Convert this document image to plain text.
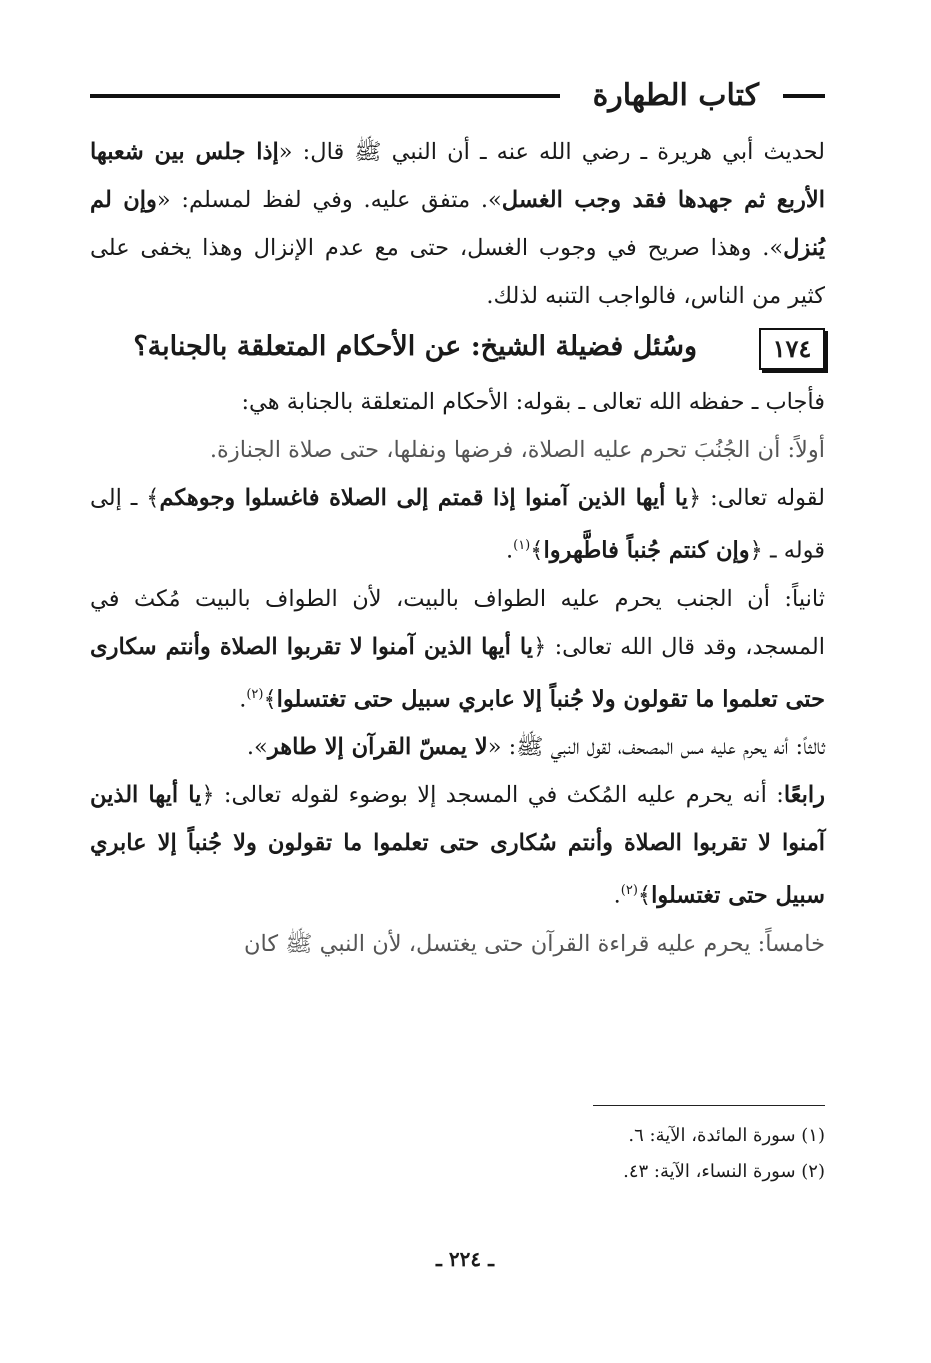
كتاب الطهارة

لحديث أبي هريرة ـ رضي الله عنه ـ أن النبي ﷺ قال: «إذا جلس بين شعبها الأربع ثم جهدها فقد وجب الغسل». متفق عليه. وفي لفظ لمسلم: «وإن لم يُنزل». وهذا صريح في وجوب الغسل، حتى مع عدم الإنزال وهذا يخفى على كثير من الناس، فالواجب التنبه لذلك.

١٧٤
وسُئل فضيلة الشيخ: عن الأحكام المتعلقة بالجنابة؟

فأجاب ـ حفظه الله تعالى ـ بقوله: الأحكام المتعلقة بالجنابة هي:

أولاً: أن الجُنُبَ تحرم عليه الصلاة، فرضها ونفلها، حتى صلاة الجنازة.
لقوله تعالى: ﴿يا أيها الذين آمنوا إذا قمتم إلى الصلاة فاغسلوا وجوهكم﴾ ـ إلى قوله ـ ﴿وإن كنتم جُنباً فاطَّهروا﴾$^{(١)}$.

ثانياً: أن الجنب يحرم عليه الطواف بالبيت، لأن الطواف بالبيت مُكث في المسجد، وقد قال الله تعالى: ﴿يا أيها الذين آمنوا لا تقربوا الصلاة وأنتم سكارى حتى تعلموا ما تقولون ولا جُنباً إلا عابري سبيل حتى تغتسلوا﴾$^{(٢)}$.

ثالثاً: أنه يحرم عليه مس المصحف، لقول النبي ﷺ: «لا يمسّ القرآن إلا طاهر».

رابعًا: أنه يحرم عليه المُكث في المسجد إلا بوضوء لقوله تعالى: ﴿يا أيها الذين آمنوا لا تقربوا الصلاة وأنتم سُكارى حتى تعلموا ما تقولون ولا جُنباً إلا عابري سبيل حتى تغتسلوا﴾$^{(٢)}$.

خامساً: يحرم عليه قراءة القرآن حتى يغتسل، لأن النبي ﷺ كان

(١) سورة المائدة، الآية: ٦.
(٢) سورة النساء، الآية: ٤٣.
ـ ٢٢٤ ـ
